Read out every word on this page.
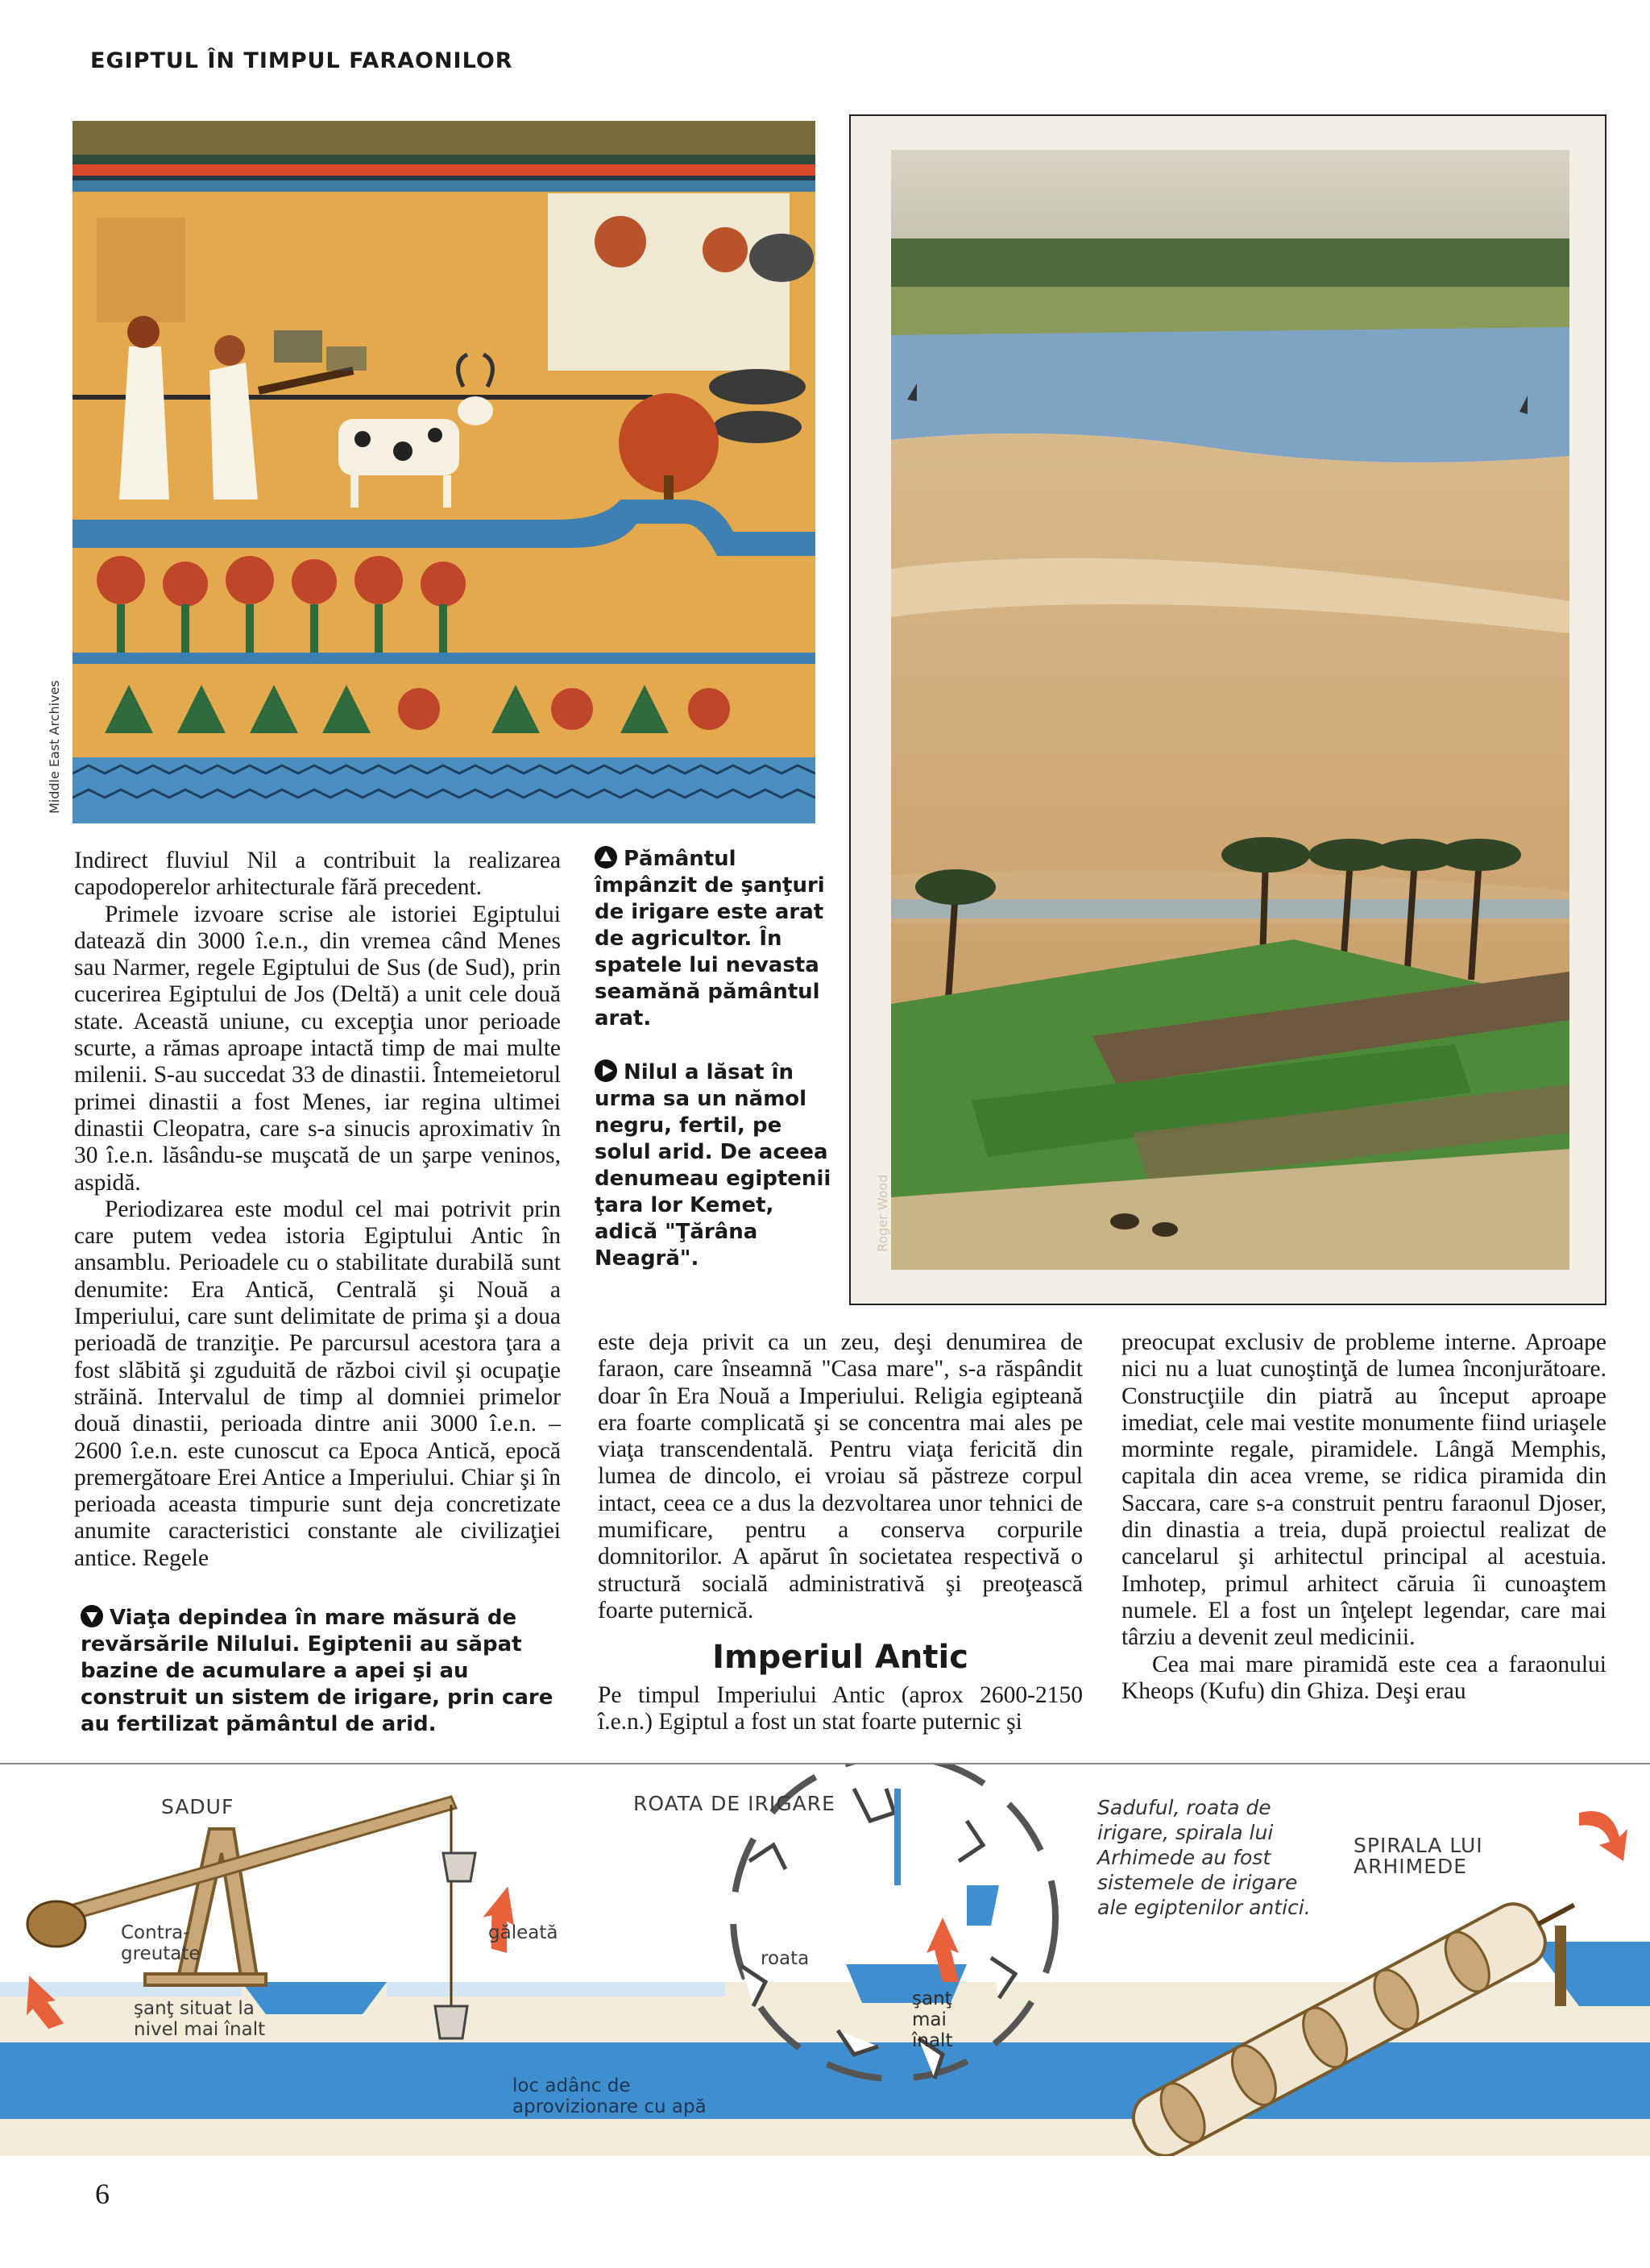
EGIPTUL ÎN TIMPUL FARAONILOR
Middle East Archives
Roger Wood

Indirect fluviul Nil a contribuit la realizarea capodoperelor arhitecturale fără precedent.

Primele izvoare scrise ale istoriei Egiptului datează din 3000 î.e.n., din vremea când Menes sau Narmer, regele Egiptului de Sus (de Sud), prin cucerirea Egiptului de Jos (Deltă) a unit cele două state. Această uniune, cu excepţia unor perioade scurte, a rămas aproape intactă timp de mai multe milenii. S-au succedat 33 de dinastii. Întemeietorul primei dinastii a fost Menes, iar regina ultimei dinastii Cleopatra, care s-a sinucis aproximativ în 30 î.e.n. lăsându-se muşcată de un şarpe veninos, aspidă.

Periodizarea este modul cel mai potrivit prin care putem vedea istoria Egiptului Antic în ansamblu. Perioadele cu o stabilitate durabilă sunt denumite: Era Antică, Centrală şi Nouă a Imperiului, care sunt delimitate de prima şi a doua perioadă de tranziţie. Pe parcursul acestora ţara a fost slăbită şi zguduită de război civil şi ocupaţie străină. Intervalul de timp al domniei primelor două dinastii, perioada dintre anii 3000 î.e.n. – 2600 î.e.n. este cunoscut ca Epoca Antică, epocă premergătoare Erei Antice a Imperiului. Chiar şi în perioada aceasta timpurie sunt deja concretizate anumite caracteristici constante ale civilizaţiei antice. Regele

Pământul împânzit de şanţuri de irigare este arat de agricultor. În spatele lui nevasta seamănă pământul arat.

Nilul a lăsat în urma sa un nămol negru, fertil, pe solul arid. De aceea denumeau egiptenii ţara lor Kemet, adică "Ţărâna Neagră".

Viaţa depindea în mare măsură de revărsările Nilului. Egiptenii au săpat bazine de acumulare a apei şi au construit un sistem de irigare, prin care au fertilizat pământul de arid.

este deja privit ca un zeu, deşi denumirea de faraon, care înseamnă "Casa mare", s-a răspândit doar în Era Nouă a Imperiului. Religia egipteană era foarte complicată şi se concentra mai ales pe viaţa transcendentală. Pentru viaţa fericită din lumea de dincolo, ei vroiau să păstreze corpul intact, ceea ce a dus la dezvoltarea unor tehnici de mumificare, pentru a conserva corpurile domnitorilor. A apărut în societatea respectivă o structură socială administrativă şi preoţească foarte puternică.

Imperiul Antic

Pe timpul Imperiului Antic (aprox 2600-2150 î.e.n.) Egiptul a fost un stat foarte puternic şi

preocupat exclusiv de probleme interne. Aproape nici nu a luat cunoştinţă de lumea înconjurătoare. Construcţiile din piatră au început aproape imediat, cele mai vestite monumente fiind uriaşele morminte regale, piramidele. Lângă Memphis, capitala din acea vreme, se ridica piramida din Saccara, care s-a construit pentru faraonul Djoser, din dinastia a treia, după proiectul realizat de cancelarul şi arhitectul principal al acestuia. Imhotep, primul arhitect căruia îi cunoaştem numele. El a fost un înţelept legendar, care mai târziu a devenit zeul medicinii.

Cea mai mare piramidă este cea a faraonului Kheops (Kufu) din Ghiza. Deşi erau

SADUF
Contra-
greutate
găleată
şanţ situat la
nivel mai înalt
loc adânc de
aprovizionare cu apă
ROATA DE IRIGARE
roata
şanţ
mai
înalt
Saduful, roata de
irigare, spirala lui
Arhimede au fost
sistemele de irigare
ale egiptenilor antici.
SPIRALA LUI
ARHIMEDE
6
